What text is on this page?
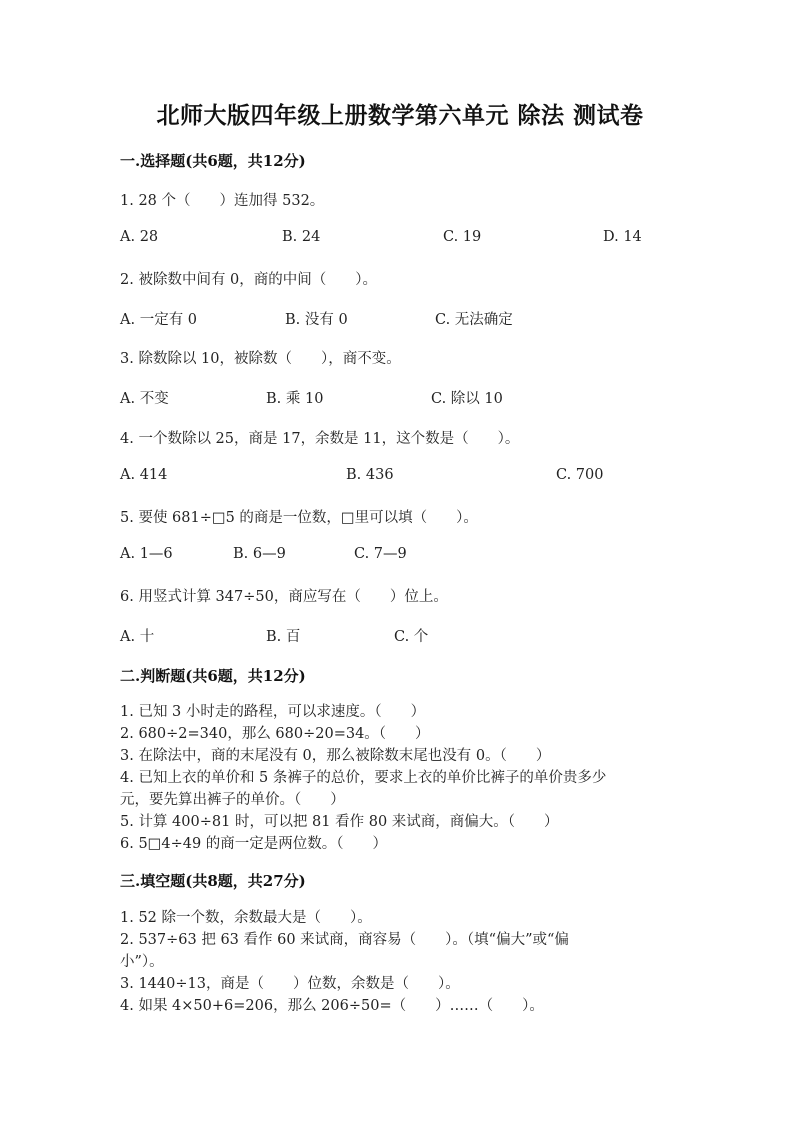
北师大版四年级上册数学第六单元 除法 测试卷
一.选择题(共6题，共12分)
1. 28 个（　　）连加得 532。
A. 28	B. 24	C. 19	D. 14
2. 被除数中间有 0，商的中间（　　）。
A. 一定有 0	B. 没有 0	C. 无法确定
3. 除数除以 10，被除数（　　），商不变。
A. 不变	B. 乘 10	C. 除以 10
4. 一个数除以 25，商是 17，余数是 11，这个数是（　　）。
A. 414	B. 436	C. 700
5. 要使 681÷□5 的商是一位数，□里可以填（　　）。
A. 1—6	B. 6—9	C. 7—9
6. 用竖式计算 347÷50，商应写在（　　）位上。
A. 十	B. 百	C. 个
二.判断题(共6题，共12分)
1. 已知 3 小时走的路程，可以求速度。（　　）
2. 680÷2=340，那么 680÷20=34。（　　）
3. 在除法中，商的末尾没有 0，那么被除数末尾也没有 0。（　　）
4. 已知上衣的单价和 5 条裤子的总价，要求上衣的单价比裤子的单价贵多少
元，要先算出裤子的单价。（　　）
5. 计算 400÷81 时，可以把 81 看作 80 来试商，商偏大。（　　）
6. 5□4÷49 的商一定是两位数。（　　）
三.填空题(共8题，共27分)
1. 52 除一个数，余数最大是（　　）。
2. 537÷63 把 63 看作 60 来试商，商容易（　　）。（填“偏大”或“偏
小”）。
3. 1440÷13，商是（　　）位数，余数是（　　）。
4. 如果 4×50+6=206，那么 206÷50=（　　）……（　　）。
